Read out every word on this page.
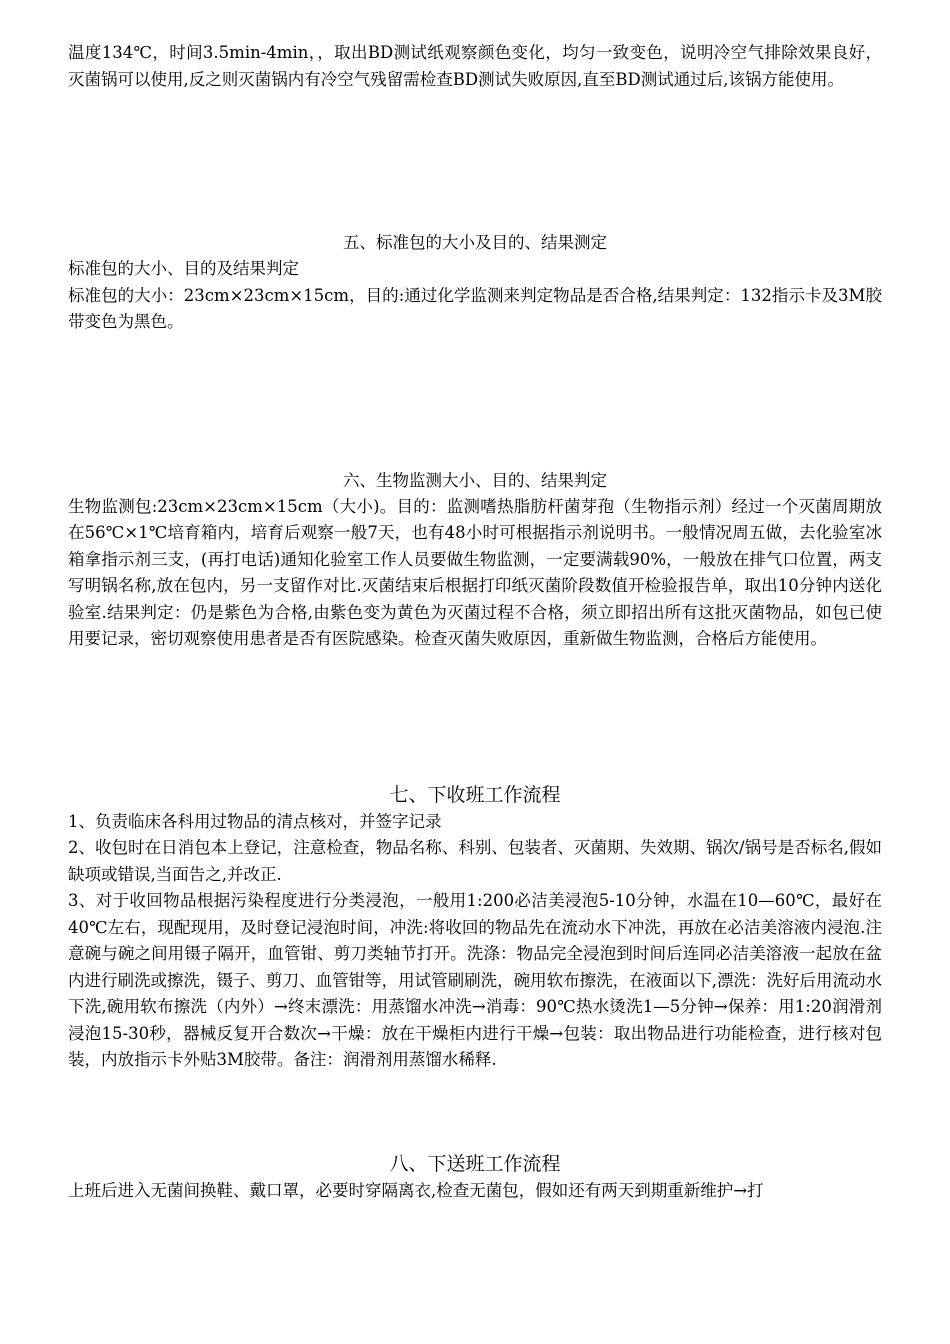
温度134℃，时间3.5min-4min，，取出BD测试纸观察颜色变化，均匀一致变色，说明冷空气排除效果良好，灭菌锅可以使用,反之则灭菌锅内有冷空气残留需检查BD测试失败原因,直至BD测试通过后,该锅方能使用。

五、标准包的大小及目的、结果测定

标准包的大小、目的及结果判定

标准包的大小：23cm×23cm×15cm，目的:通过化学监测来判定物品是否合格,结果判定：132指示卡及3M胶带变色为黑色。

六、生物监测大小、目的、结果判定

生物监测包:23cm×23cm×15cm（大小)。目的：监测嗜热脂肪杆菌芽孢（生物指示剂）经过一个灭菌周期放在56℃×1℃培育箱内，培育后观察一般7天，也有48小时可根据指示剂说明书。一般情况周五做，去化验室冰箱拿指示剂三支，(再打电话)通知化验室工作人员要做生物监测，一定要满载90%，一般放在排气口位置，两支写明锅名称,放在包内，另一支留作对比.灭菌结束后根据打印纸灭菌阶段数值开检验报告单，取出10分钟内送化验室.结果判定：仍是紫色为合格,由紫色变为黄色为灭菌过程不合格，须立即招出所有这批灭菌物品，如包已使用要记录，密切观察使用患者是否有医院感染。检查灭菌失败原因，重新做生物监测，合格后方能使用。

七、下收班工作流程

1、负责临床各科用过物品的清点核对，并签字记录

2、收包时在日消包本上登记，注意检查，物品名称、科别、包装者、灭菌期、失效期、锅次/锅号是否标名,假如缺项或错误,当面告之,并改正.

3、对于收回物品根据污染程度进行分类浸泡，一般用1:200必洁美浸泡5-10分钟，水温在10—60℃，最好在40℃左右，现配现用，及时登记浸泡时间，冲洗:将收回的物品先在流动水下冲洗，再放在必洁美溶液内浸泡.注意碗与碗之间用镊子隔开，血管钳、剪刀类轴节打开。洗涤：物品完全浸泡到时间后连同必洁美溶液一起放在盆内进行刷洗或擦洗，镊子、剪刀、血管钳等，用试管刷刷洗，碗用软布擦洗，在液面以下,漂洗：洗好后用流动水下洗,碗用软布擦洗（内外）→终末漂洗：用蒸馏水冲洗→消毒：90℃热水烫洗1—5分钟→保养：用1:20润滑剂浸泡15-30秒，器械反复开合数次→干燥：放在干燥柜内进行干燥→包装：取出物品进行功能检查，进行核对包装，内放指示卡外贴3M胶带。备注：润滑剂用蒸馏水稀释.

八、下送班工作流程

上班后进入无菌间换鞋、戴口罩，必要时穿隔离衣,检查无菌包，假如还有两天到期重新维护→打
